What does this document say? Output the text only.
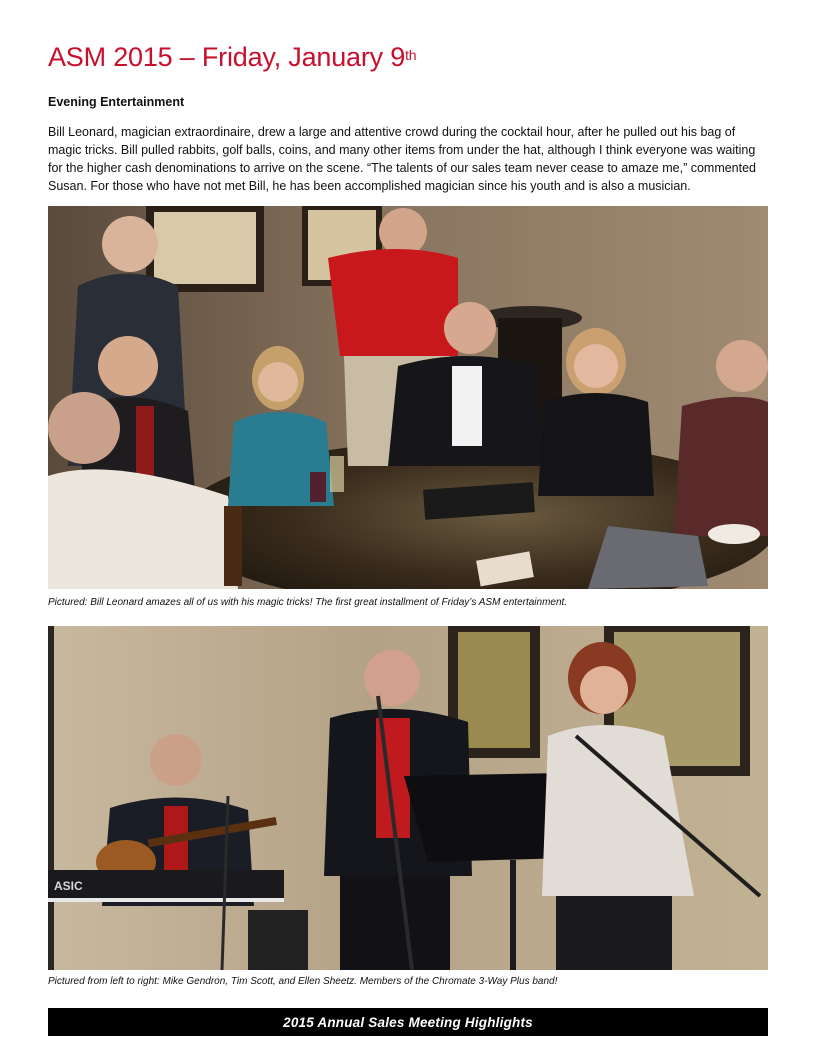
ASM 2015 – Friday, January 9th
Evening Entertainment

Bill Leonard, magician extraordinaire, drew a large and attentive crowd during the cocktail hour, after he pulled out his bag of magic tricks. Bill pulled rabbits, golf balls, coins, and many other items from under the hat, although I think everyone was waiting for the higher cash denominations to arrive on the scene. “The talents of our sales team never cease to amaze me,” commented Susan. For those who have not met Bill, he has been accomplished magician since his youth and is also a musician.

Pictured: Bill Leonard amazes all of us with his magic tricks! The first great installment of Friday’s ASM entertainment.

ASIC

Pictured from left to right: Mike Gendron, Tim Scott, and Ellen Sheetz. Members of the Chromate 3-Way Plus band!

2015 Annual Sales Meeting Highlights
